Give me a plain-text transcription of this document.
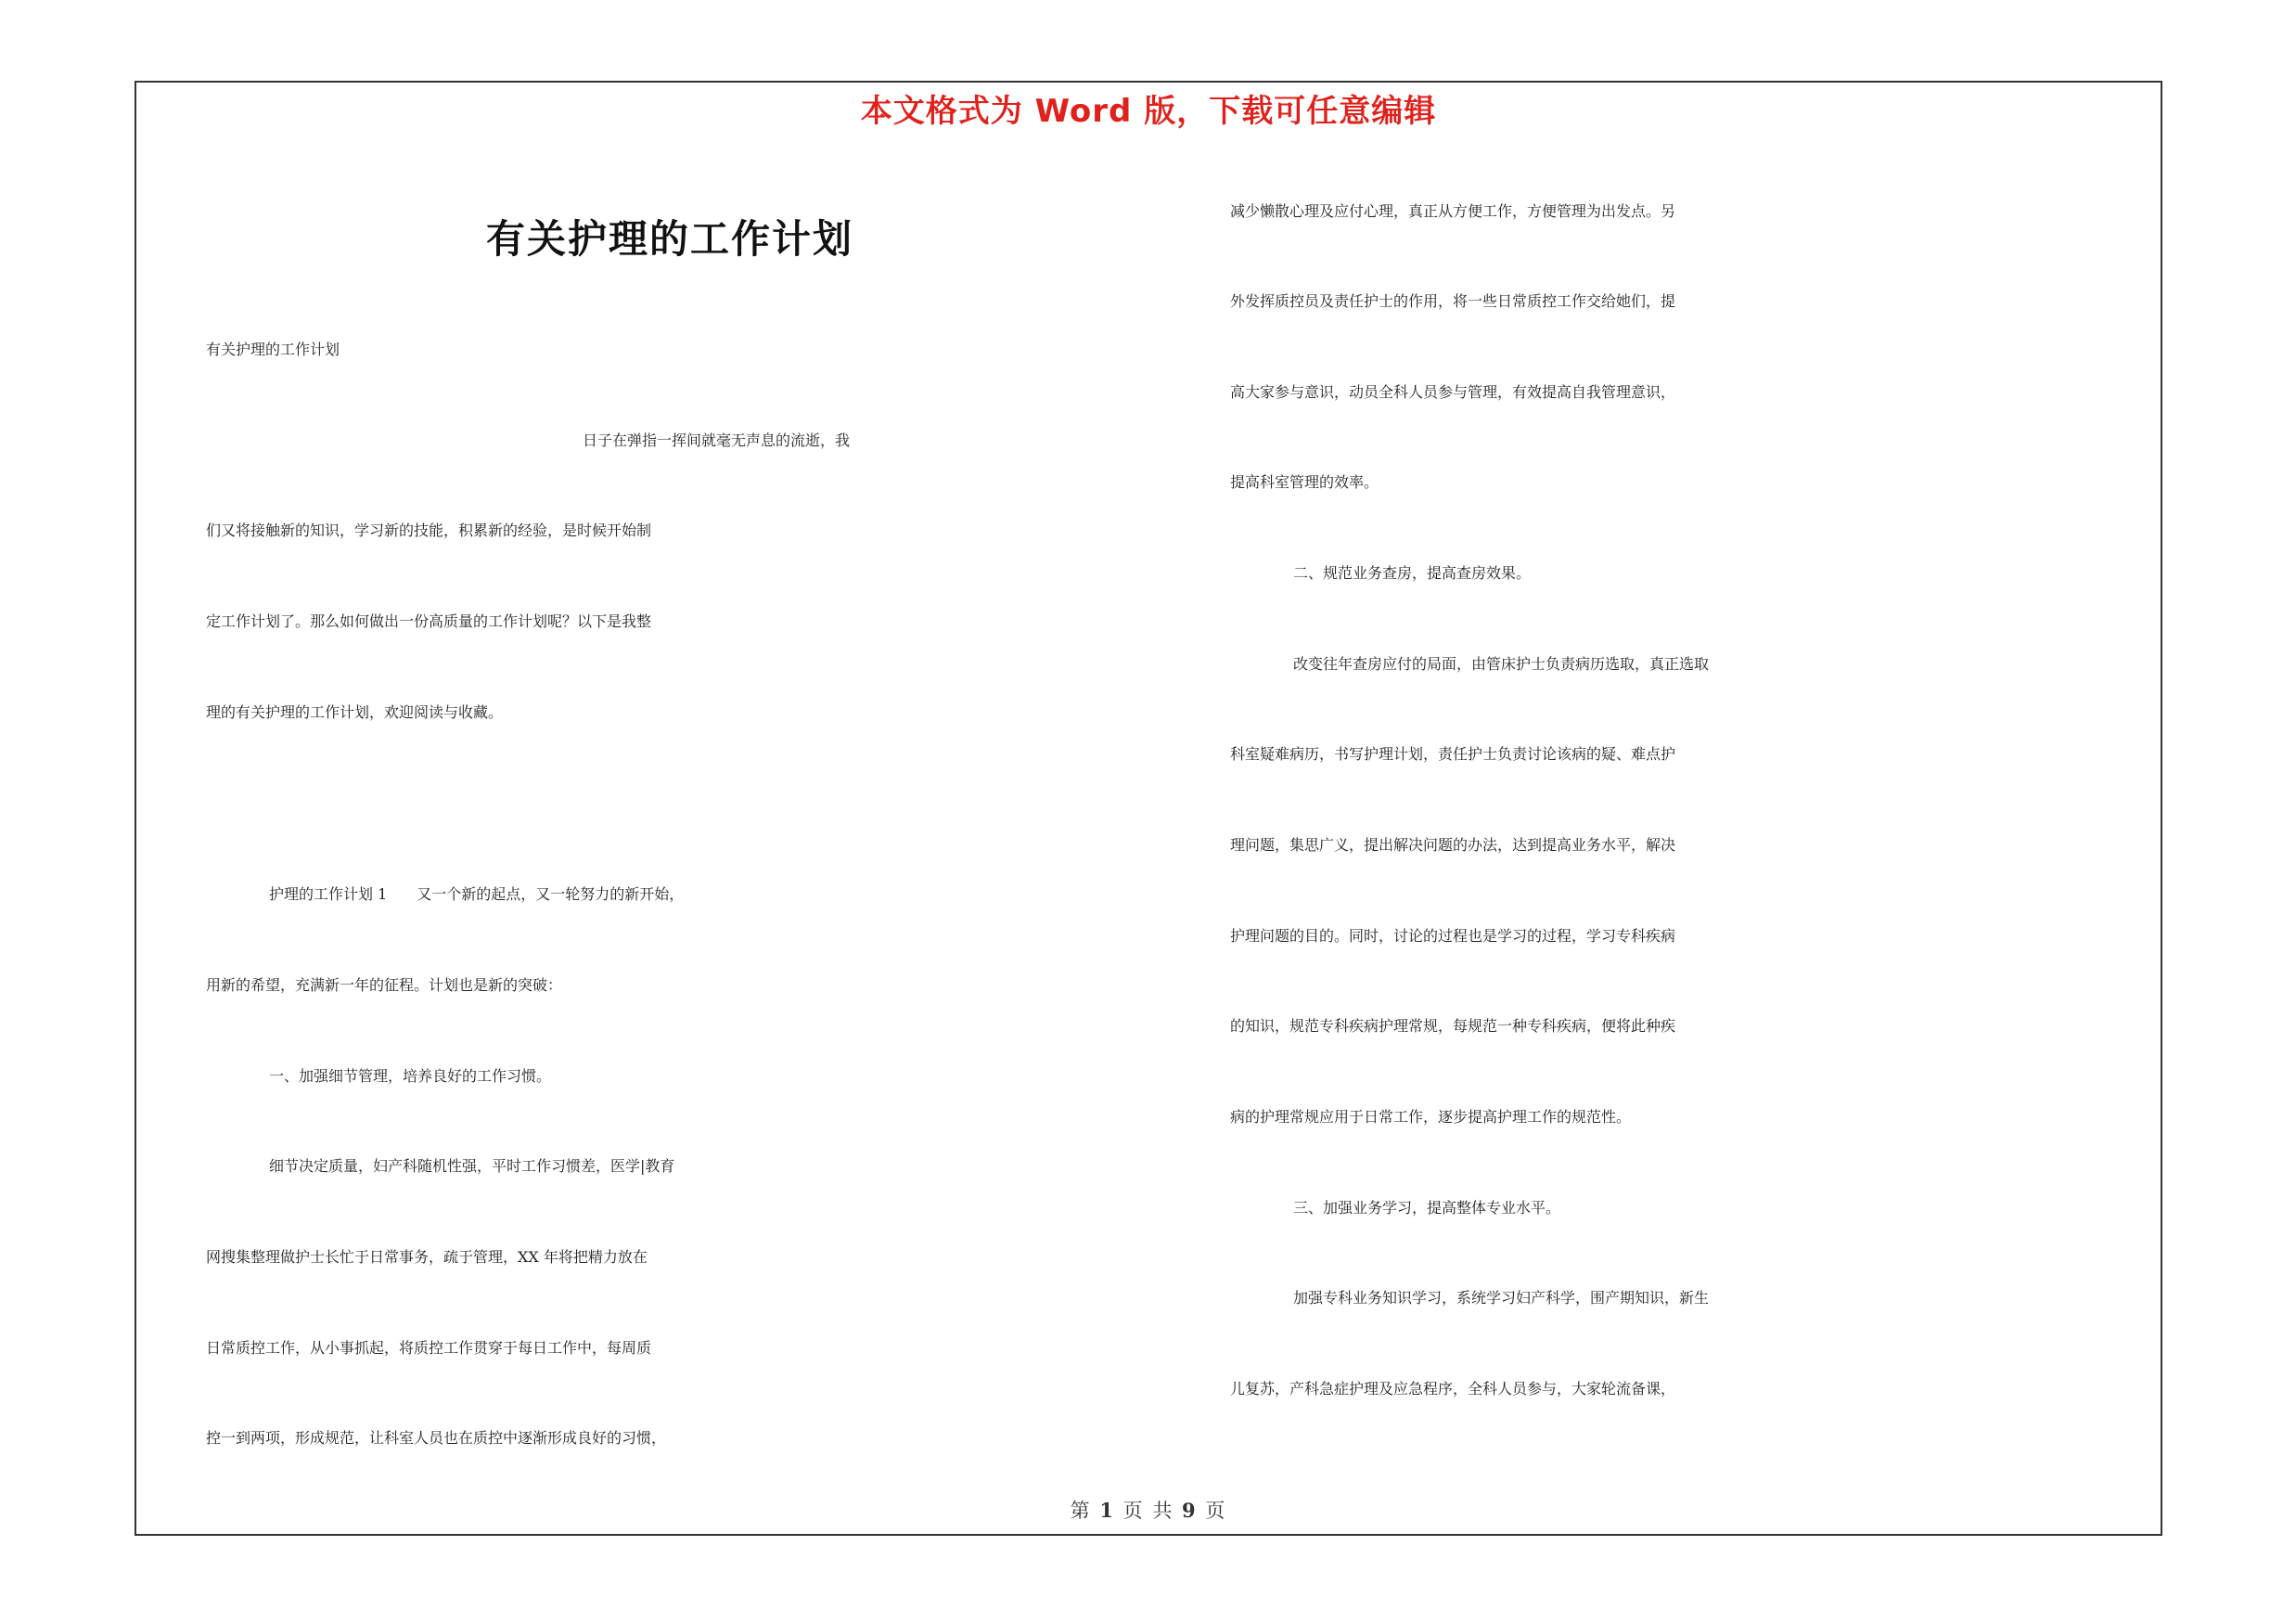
本文格式为 Word 版，下载可任意编辑
有关护理的工作计划
有关护理的工作计划
日子在弹指一挥间就毫无声息的流逝，我
们又将接触新的知识，学习新的技能，积累新的经验，是时候开始制
定工作计划了。那么如何做出一份高质量的工作计划呢？以下是我整
理的有关护理的工作计划，欢迎阅读与收藏。
护理的工作计划 1　　又一个新的起点，又一轮努力的新开始，
用新的希望，充满新一年的征程。计划也是新的突破：
一、加强细节管理，培养良好的工作习惯。
细节决定质量，妇产科随机性强，平时工作习惯差，医学|教育
网搜集整理做护士长忙于日常事务，疏于管理，XX 年将把精力放在
日常质控工作，从小事抓起，将质控工作贯穿于每日工作中，每周质
控一到两项，形成规范，让科室人员也在质控中逐渐形成良好的习惯，
减少懒散心理及应付心理，真正从方便工作，方便管理为出发点。另
外发挥质控员及责任护士的作用，将一些日常质控工作交给她们，提
高大家参与意识，动员全科人员参与管理，有效提高自我管理意识，
提高科室管理的效率。
二、规范业务查房，提高查房效果。
改变往年查房应付的局面，由管床护士负责病历选取，真正选取
科室疑难病历，书写护理计划，责任护士负责讨论该病的疑、难点护
理问题，集思广义，提出解决问题的办法，达到提高业务水平，解决
护理问题的目的。同时，讨论的过程也是学习的过程，学习专科疾病
的知识，规范专科疾病护理常规，每规范一种专科疾病，便将此种疾
病的护理常规应用于日常工作，逐步提高护理工作的规范性。
三、加强业务学习，提高整体专业水平。
加强专科业务知识学习，系统学习妇产科学，围产期知识，新生
儿复苏，产科急症护理及应急程序，全科人员参与，大家轮流备课，
第 1 页 共 9 页
